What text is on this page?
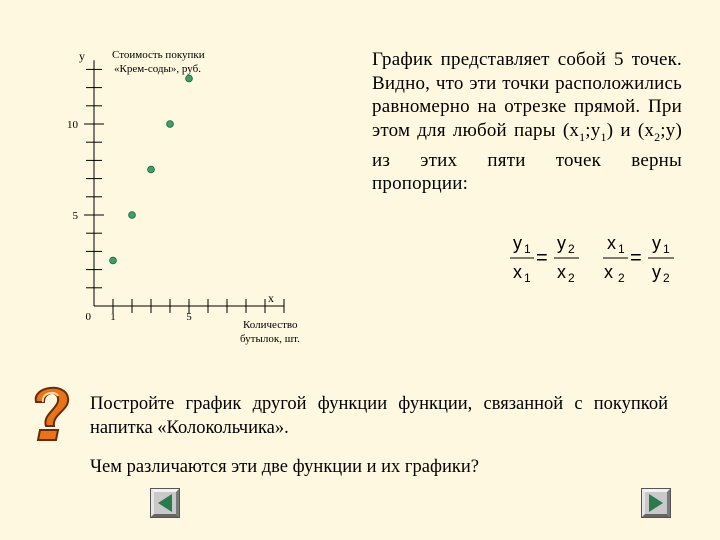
5
10
0 1	5
y
x
Стоимость покупки
«Крем-соды», руб.
Количество
бутылок, шт.
График представляет собой 5 точек. Видно, что эти точки расположились равномерно на отрезке прямой. При этом для любой пары $(x_1;y_1)$ и $(x_2;y)$ из этих пяти точек верны пропорции:
y 1
x 1
=
y 2
x 2
x 1
x 2
=
y 1
y 2
Постройте график другой функции функции, связанной с покупкой напитка «Колокольчика».
Чем различаются эти две функции и их графики?
